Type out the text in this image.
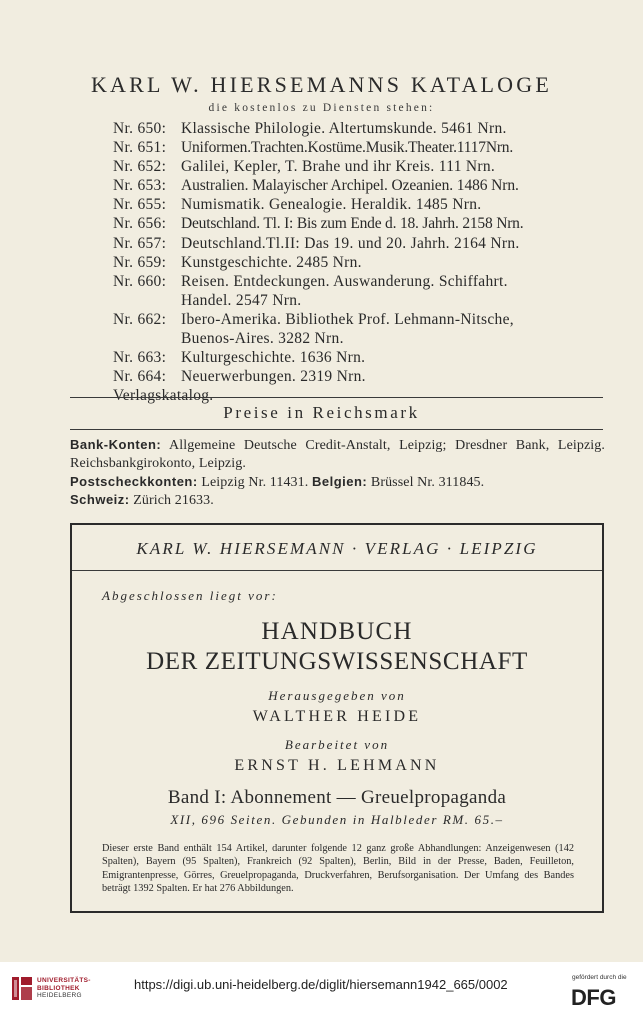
KARL W. HIERSEMANNS KATALOGE
die kostenlos zu Diensten stehen:
Nr. 650: Klassische Philologie. Altertumskunde. 5461 Nrn.
Nr. 651: Uniformen.Trachten.Kostüme.Musik.Theater.1117Nrn.
Nr. 652: Galilei, Kepler, T. Brahe und ihr Kreis. 111 Nrn.
Nr. 653: Australien. Malayischer Archipel. Ozeanien. 1486 Nrn.
Nr. 655: Numismatik. Genealogie. Heraldik. 1485 Nrn.
Nr. 656: Deutschland. Tl. I: Bis zum Ende d. 18. Jahrh. 2158 Nrn.
Nr. 657: Deutschland.Tl.II: Das 19. und 20. Jahrh. 2164 Nrn.
Nr. 659: Kunstgeschichte. 2485 Nrn.
Nr. 660: Reisen. Entdeckungen. Auswanderung. Schiffahrt.
Handel. 2547 Nrn.
Nr. 662: Ibero-Amerika. Bibliothek Prof. Lehmann-Nitsche,
Buenos-Aires. 3282 Nrn.
Nr. 663: Kulturgeschichte. 1636 Nrn.
Nr. 664: Neuerwerbungen. 2319 Nrn.
Verlagskatalog.
Preise in Reichsmark
Bank-Konten: Allgemeine Deutsche Credit-Anstalt, Leipzig; Dresdner Bank, Leipzig. Reichsbankgirokonto, Leipzig.
Postscheckkonten: Leipzig Nr. 11431. Belgien: Brüssel Nr. 311845.
Schweiz: Zürich 21633.
KARL W. HIERSEMANN · VERLAG · LEIPZIG
Abgeschlossen liegt vor:
HANDBUCH
DER ZEITUNGSWISSENSCHAFT
Herausgegeben von
WALTHER HEIDE
Bearbeitet von
ERNST H. LEHMANN
Band I: Abonnement — Greuelpropaganda
XII, 696 Seiten. Gebunden in Halbleder RM. 65.–
Dieser erste Band enthält 154 Artikel, darunter folgende 12 ganz große Abhandlungen: Anzeigenwesen (142 Spalten), Bayern (95 Spalten), Frankreich (92 Spalten), Berlin, Bild in der Presse, Baden, Feuilleton, Emigrantenpresse, Görres, Greuelpropaganda, Druckverfahren, Berufsorganisation. Der Umfang des Bandes beträgt 1392 Spalten. Er hat 276 Abbildungen.
UNIVERSITÄTS-
BIBLIOTHEK
HEIDELBERG
https://digi.ub.uni-heidelberg.de/diglit/hiersemann1942_665/0002	gefördert durch die
DFG
